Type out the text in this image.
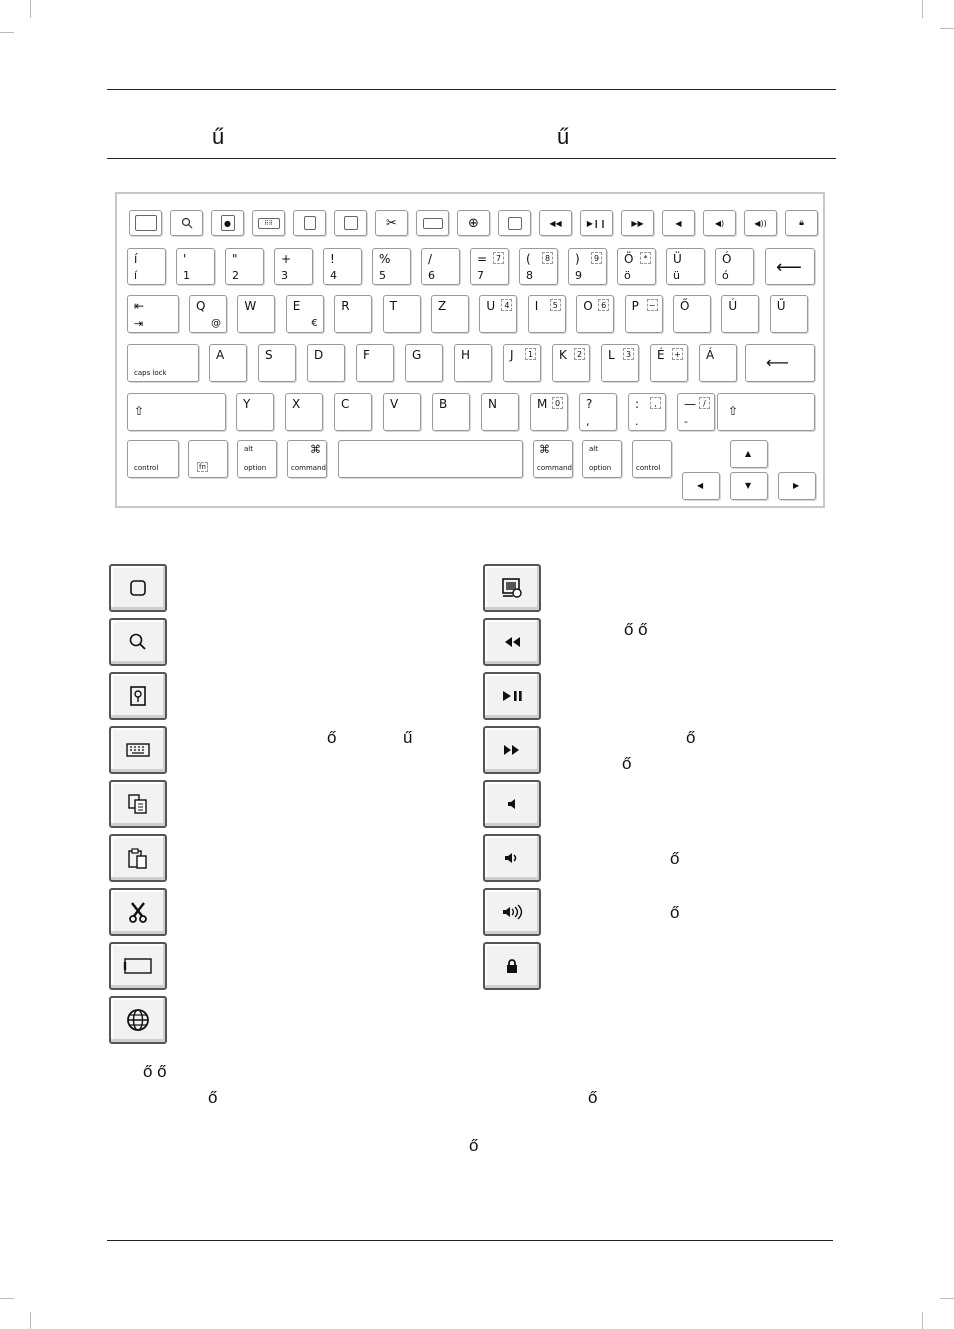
ű	ű
●	⠿⠿	✂	⊕	◀◀	▶❙❙	▶▶	◀	◀)	◀))	🔒︎
í
í
'
1
"
2
+
3
!
4
%
5
/
6
=
7
7 (
8
8 )
9
9 Ö
ö
* Ü
ü
Ó
ó	⟵
⇤
⇥
Q
@
W	E
€
R	T	Z	U	4 I	5 O	6 P − Ő	Ú	Ű
caps lock
A	S	D	F	G	H	J	1 K	2 L	3 É + Á	⟵
⇧	Y	X	C	V	B	N	M 0 ?
,
:
.
,	—
-
/
⇧
control	fn
alt
option
⌘
command
⌘
command
alt
option	control
▲
◀	▼	▶
ő	ű
ő ő
ő
ő
ő
ő
ő ő
ő	ő
ő
